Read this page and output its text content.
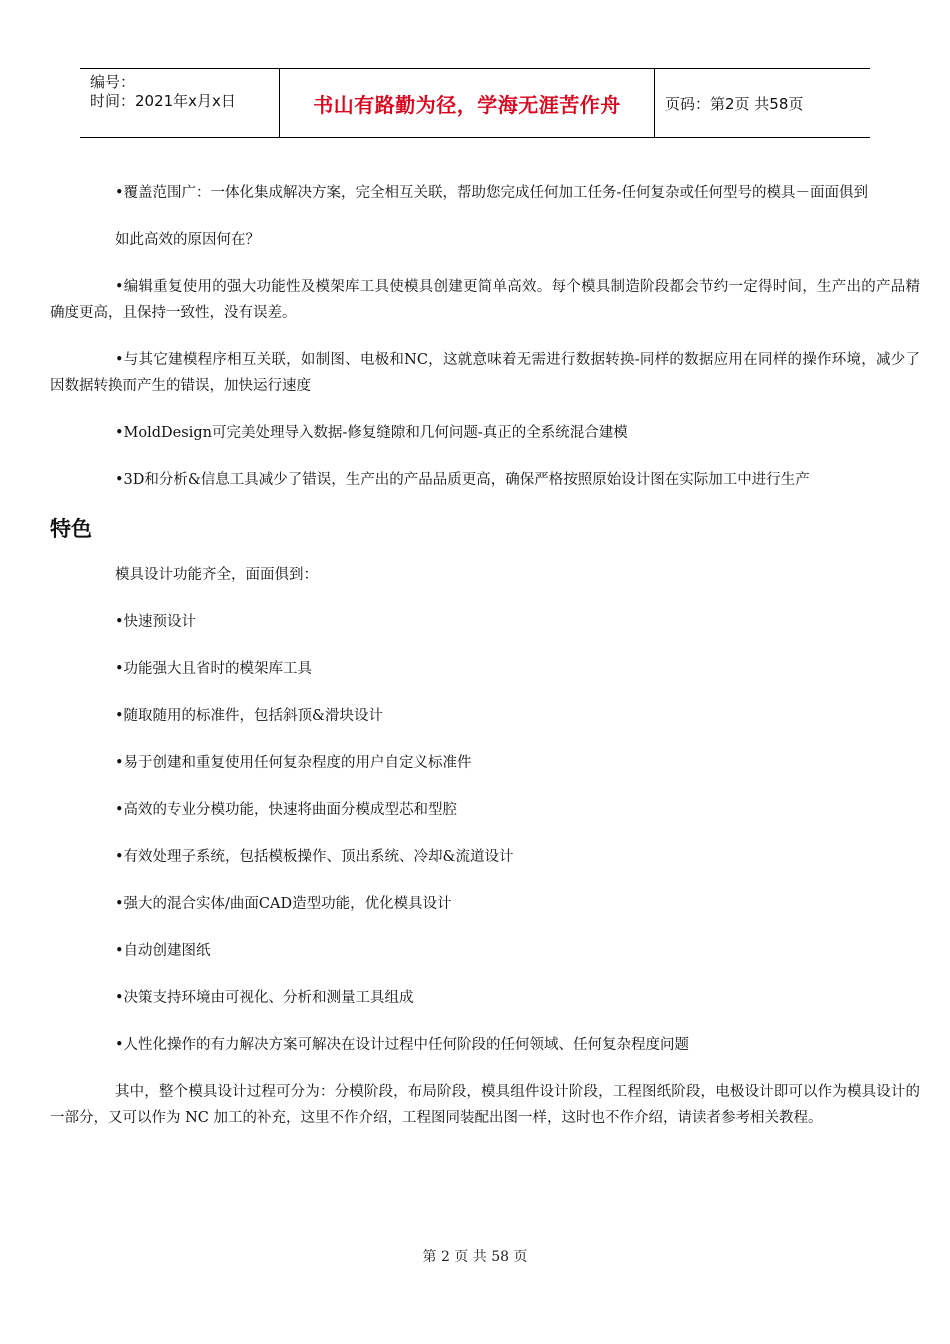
编号：
时间：2021年x月x日	书山有路勤为径，学海无涯苦作舟	页码：第2页 共58页

•覆盖范围广：一体化集成解决方案，完全相互关联，帮助您完成任何加工任务-任何复杂或任何型号的模具－面面俱到

如此高效的原因何在？

•编辑重复使用的强大功能性及模架库工具使模具创建更简单高效。每个模具制造阶段都会节约一定得时间，生产出的产品精确度更高，且保持一致性，没有误差。

•与其它建模程序相互关联，如制图、电极和NC，这就意味着无需进行数据转换-同样的数据应用在同样的操作环境，减少了因数据转换而产生的错误，加快运行速度

•MoldDesign可完美处理导入数据-修复缝隙和几何问题-真正的全系统混合建模

•3D和分析&信息工具减少了错误，生产出的产品品质更高，确保严格按照原始设计图在实际加工中进行生产

特色

模具设计功能齐全，面面俱到：

•快速预设计

•功能强大且省时的模架库工具

•随取随用的标准件，包括斜顶&滑块设计

•易于创建和重复使用任何复杂程度的用户自定义标准件

•高效的专业分模功能，快速将曲面分模成型芯和型腔

•有效处理子系统，包括模板操作、顶出系统、冷却&流道设计

•强大的混合实体/曲面CAD造型功能，优化模具设计

•自动创建图纸

•决策支持环境由可视化、分析和测量工具组成

•人性化操作的有力解决方案可解决在设计过程中任何阶段的任何领域、任何复杂程度问题

其中，整个模具设计过程可分为：分模阶段，布局阶段，模具组件设计阶段，工程图纸阶段，电极设计即可以作为模具设计的一部分，又可以作为 NC 加工的补充，这里不作介绍，工程图同装配出图一样，这时也不作介绍，请读者参考相关教程。

第 2 页 共 58 页
